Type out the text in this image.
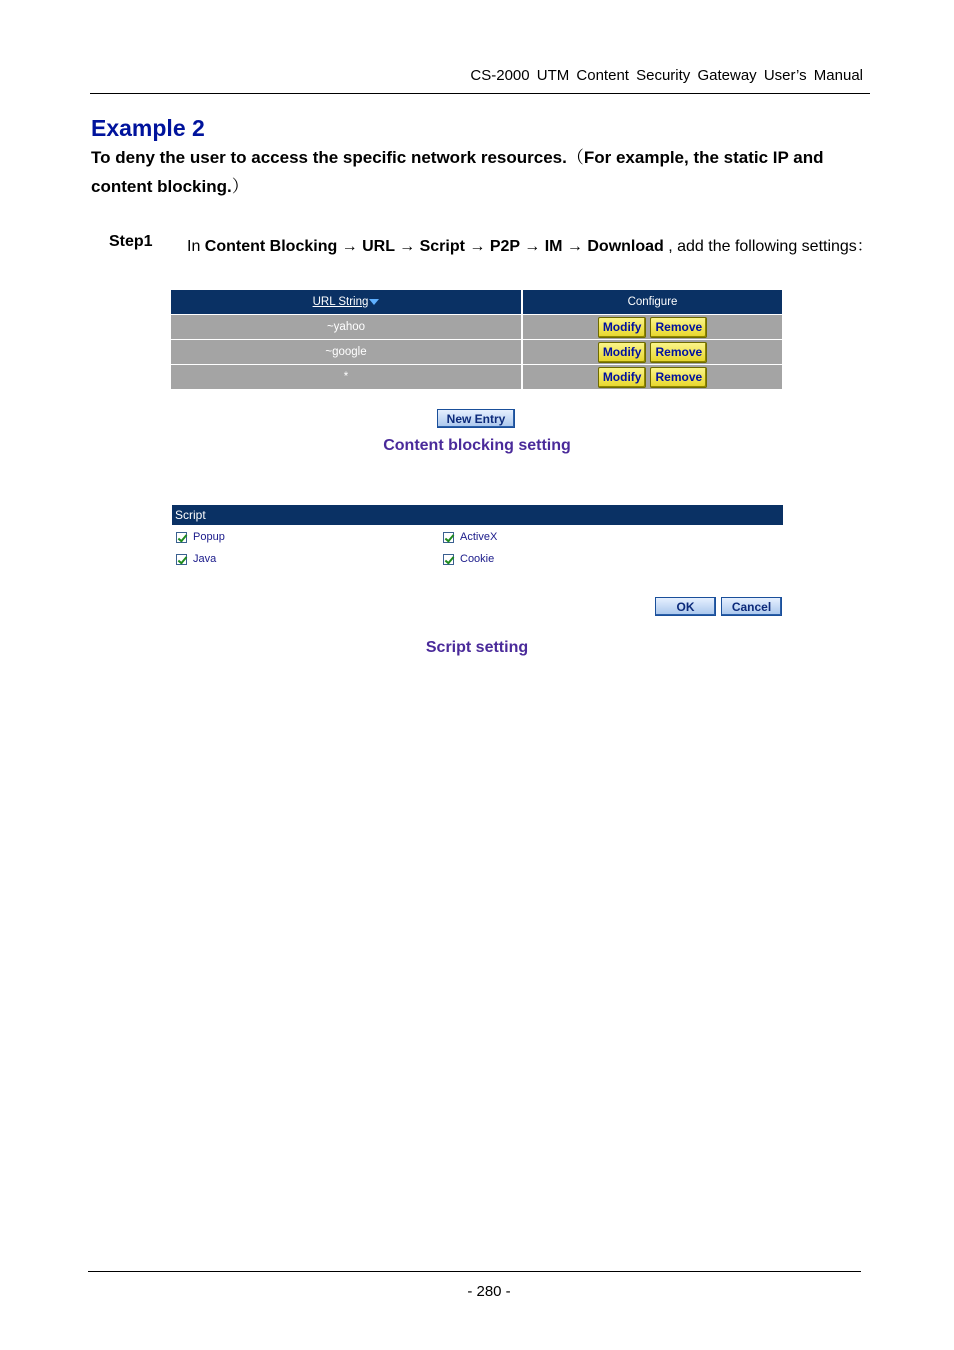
CS-2000 UTM Content Security Gateway User’s Manual
Example 2
To deny the user to access the specific network resources.（For example, the static IP and content blocking.）
Step1 In Content Blocking → URL → Script → P2P → IM → Download , add the following settings：
URL String	Configure
~yahoo	Modify	Remove
~google	Modify	Remove
*	Modify	Remove
New Entry
Content blocking setting
Script
Popup	ActiveX
Java	Cookie
OK	Cancel
Script setting
- 280 -
